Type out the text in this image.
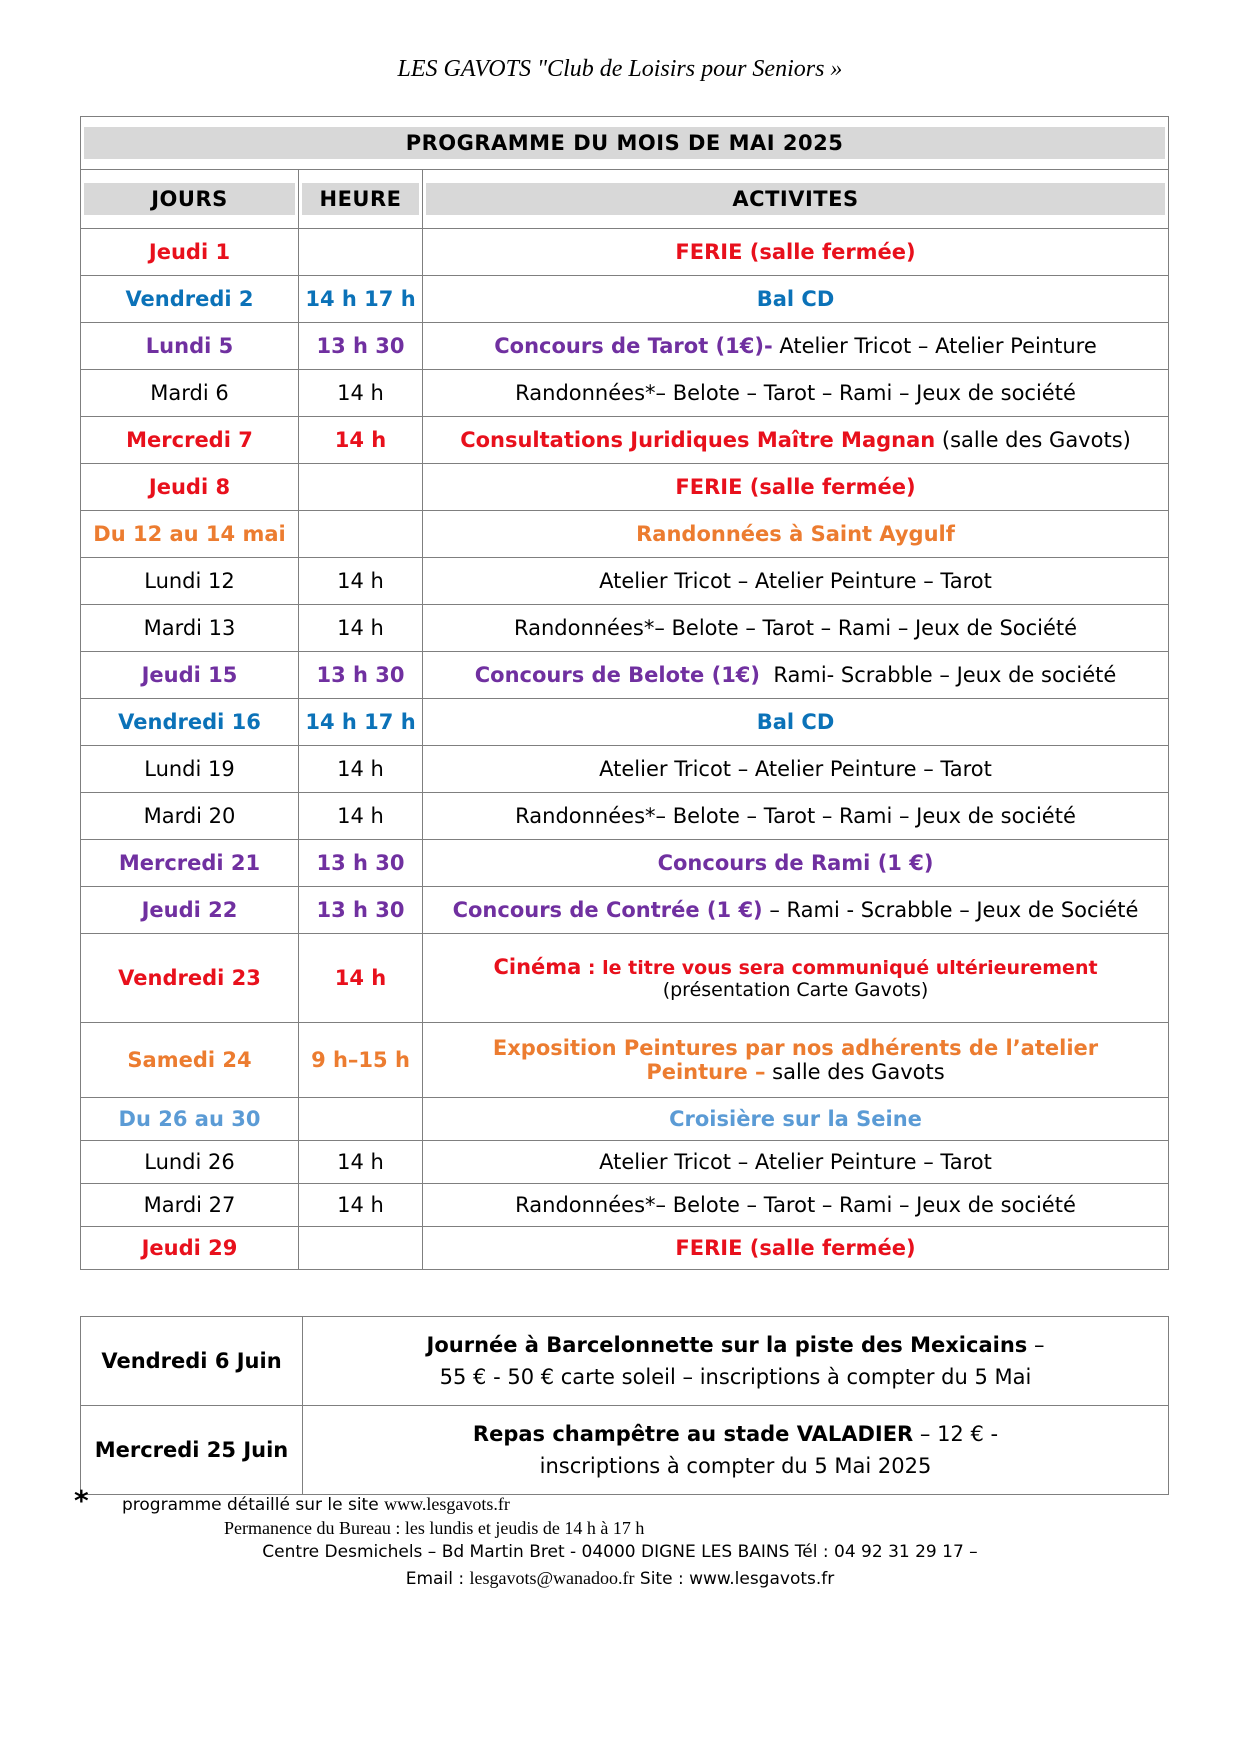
LES GAVOTS "Club de Loisirs pour Seniors »
PROGRAMME DU MOIS DE MAI 2025		

JOURS	HEURE	ACTIVITES

Jeudi 1		FERIE (salle fermée)
Vendredi 2	14 h 17 h	Bal CD
Lundi 5	13 h 30	Concours de Tarot (1€)- Atelier Tricot – Atelier Peinture
Mardi 6	14 h	Randonnées*– Belote – Tarot – Rami – Jeux de société
Mercredi 7	14 h	Consultations Juridiques Maître Magnan (salle des Gavots)
Jeudi 8		FERIE (salle fermée)
Du 12 au 14 mai		Randonnées à Saint Aygulf
Lundi 12	14 h	Atelier Tricot – Atelier Peinture – Tarot
Mardi 13	14 h	Randonnées*– Belote – Tarot – Rami – Jeux de Société
Jeudi 15	13 h 30	Concours de Belote (1€)  Rami- Scrabble – Jeux de société
Vendredi 16	14 h 17 h	Bal CD
Lundi 19	14 h	Atelier Tricot – Atelier Peinture – Tarot
Mardi 20	14 h	Randonnées*– Belote – Tarot – Rami – Jeux de société
Mercredi 21	13 h 30	Concours de Rami (1 €)
Jeudi 22	13 h 30	Concours de Contrée (1 €) – Rami - Scrabble – Jeux de Société
Vendredi 23	14 h	Cinéma : le titre vous sera communiqué ultérieurement
(présentation Carte Gavots)

Samedi 24	9 h–15 h	Exposition Peintures par nos adhérents de l’atelier
Peinture – salle des Gavots

Du 26 au 30		Croisière sur la Seine
Lundi 26	14 h	Atelier Tricot – Atelier Peinture – Tarot
Mardi 27	14 h	Randonnées*– Belote – Tarot – Rami – Jeux de société
Jeudi 29		FERIE (salle fermée)
Vendredi 6 Juin	Journée à Barcelonnette sur la piste des Mexicains –
55 € - 50 € carte soleil – inscriptions à compter du 5 Mai

Mercredi 25 Juin	Repas champêtre au stade VALADIER – 12 € -
inscriptions à compter du 5 Mai 2025
* programme détaillé sur le site www.lesgavots.fr
Permanence du Bureau : les lundis et jeudis de 14 h à 17 h
Centre Desmichels – Bd Martin Bret - 04000 DIGNE LES BAINS Tél : 04 92 31 29 17 –
Email : lesgavots@wanadoo.fr Site : www.lesgavots.fr
